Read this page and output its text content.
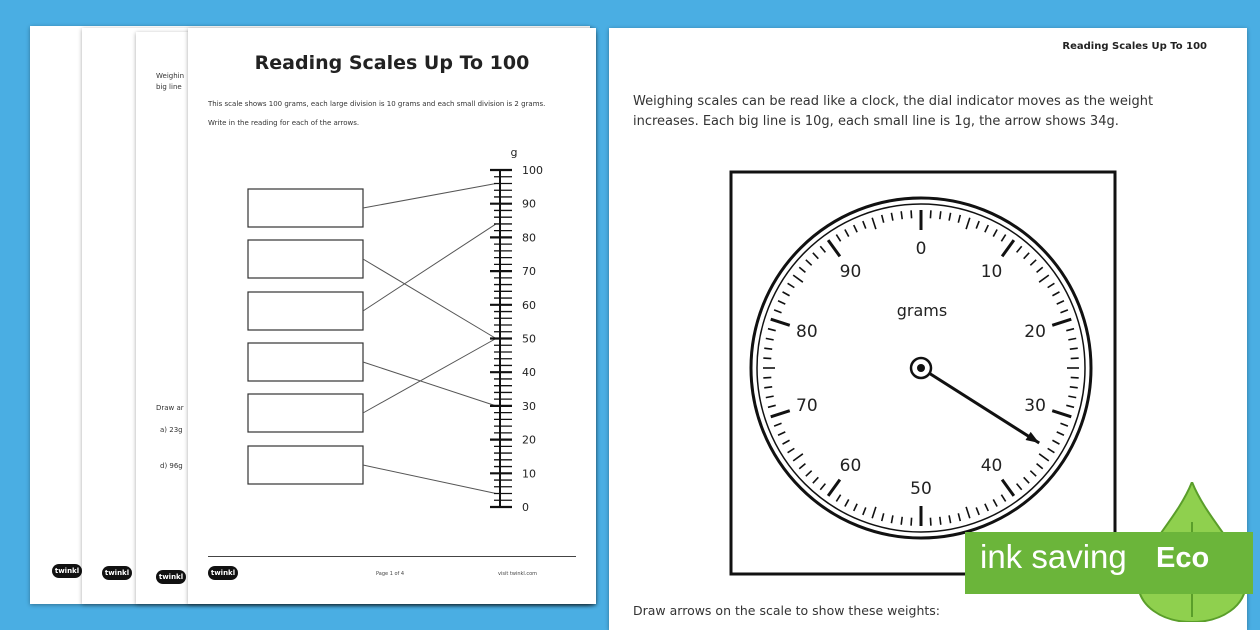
twinkl	twinkl
Weighin
big line
Draw ar
a) 23g
d) 96g
twinkl
Reading Scales Up To 100
This scale shows 100 grams, each large division is 10 grams and each small division is 2 grams.
Write in the reading for each of the arrows.
g
100
90
80
70
60
50
40
30
20
10
0
twinkl	Page 1 of 4	visit twinkl.com
Reading Scales Up To 100
Weighing scales can be read like a clock, the dial indicator moves as the weight increases. Each big line is 10g, each small line is 1g, the arrow shows 34g.
0
10
20
30
40
50
60
70
80
90
grams
Draw arrows on the scale to show these weights:
ink saving Eco
